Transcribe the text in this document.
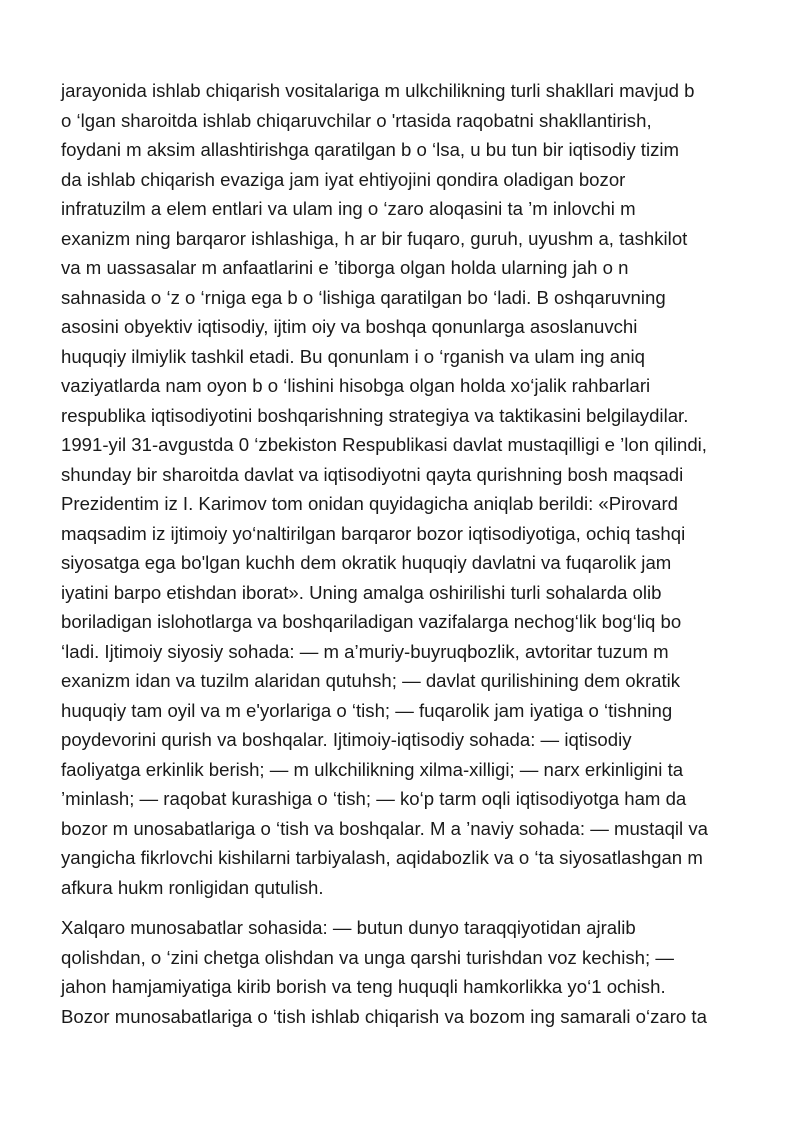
jarayonida ishlab chiqarish vositalariga m ulkchilikning turli shakllari mavjud b
o ‘lgan sharoitda ishlab chiqaruvchilar o 'rtasida raqobatni shakllantirish,
foydani m aksim allashtirishga qaratilgan b o ‘lsa, u bu tun bir iqtisodiy tizim
da ishlab chiqarish evaziga jam iyat ehtiyojini qondira oladigan bozor
infratuzilm a elem entlari va ulam ing o ‘zaro aloqasini ta ’m inlovchi m
exanizm ning barqaror ishlashiga, h ar bir fuqaro, guruh, uyushm a, tashkilot
va m uassasalar m anfaatlarini e ’tiborga olgan holda ularning jah o n
sahnasida o ‘z o ‘rniga ega b o ‘lishiga qaratilgan bo ‘ladi. B oshqaruvning
asosini obyektiv iqtisodiy, ijtim oiy va boshqa qonunlarga asoslanuvchi
huquqiy ilmiylik tashkil etadi. Bu qonunlam i o ‘rganish va ulam ing aniq
vaziyatlarda nam oyon b o ‘lishini hisobga olgan holda xo‘jalik rahbarlari
respublika iqtisodiyotini boshqarishning strategiya va taktikasini belgilaydilar.
1991-yil 31-avgustda 0 ‘zbekiston Respublikasi davlat mustaqilligi e ’lon qilindi,
shunday bir sharoitda davlat va iqtisodiyotni qayta qurishning bosh maqsadi
Prezidentim iz I. Karimov tom onidan quyidagicha aniqlab berildi: «Pirovard
maqsadim iz ijtimoiy yo‘naltirilgan barqaror bozor iqtisodiyotiga, ochiq tashqi
siyosatga ega bo'lgan kuchh dem okratik huquqiy davlatni va fuqarolik jam
iyatini barpo etishdan iborat». Uning amalga oshirilishi turli sohalarda olib
boriladigan islohotlarga va boshqariladigan vazifalarga nechog‘lik bog‘liq bo
‘ladi. Ijtimoiy siyosiy sohada: — m a’muriy-buyruqbozlik, avtoritar tuzum m
exanizm idan va tuzilm alaridan qutuhsh; — davlat qurilishining dem okratik
huquqiy tam oyil va m e'yorlariga o ‘tish; — fuqarolik jam iyatiga o ‘tishning
poydevorini qurish va boshqalar. Ijtimoiy-iqtisodiy sohada: — iqtisodiy
faoliyatga erkinlik berish; — m ulkchilikning xilma-xilligi; — narx erkinligini ta
’minlash; — raqobat kurashiga o ‘tish; — ko‘p tarm oqli iqtisodiyotga ham da
bozor m unosabatlariga o ‘tish va boshqalar. M a ’naviy sohada: — mustaqil va
yangicha fikrlovchi kishilarni tarbiyalash, aqidabozlik va o ‘ta siyosatlashgan m
afkura hukm ronligidan qutulish.
Xalqaro munosabatlar sohasida: — butun dunyo taraqqiyotidan ajralib
qolishdan, o ‘zini chetga olishdan va unga qarshi turishdan voz kechish; —
jahon hamjamiyatiga kirib borish va teng huquqli hamkorlikka yo‘1 ochish.
Bozor munosabatlariga o ‘tish ishlab chiqarish va bozom ing samarali o‘zaro ta
